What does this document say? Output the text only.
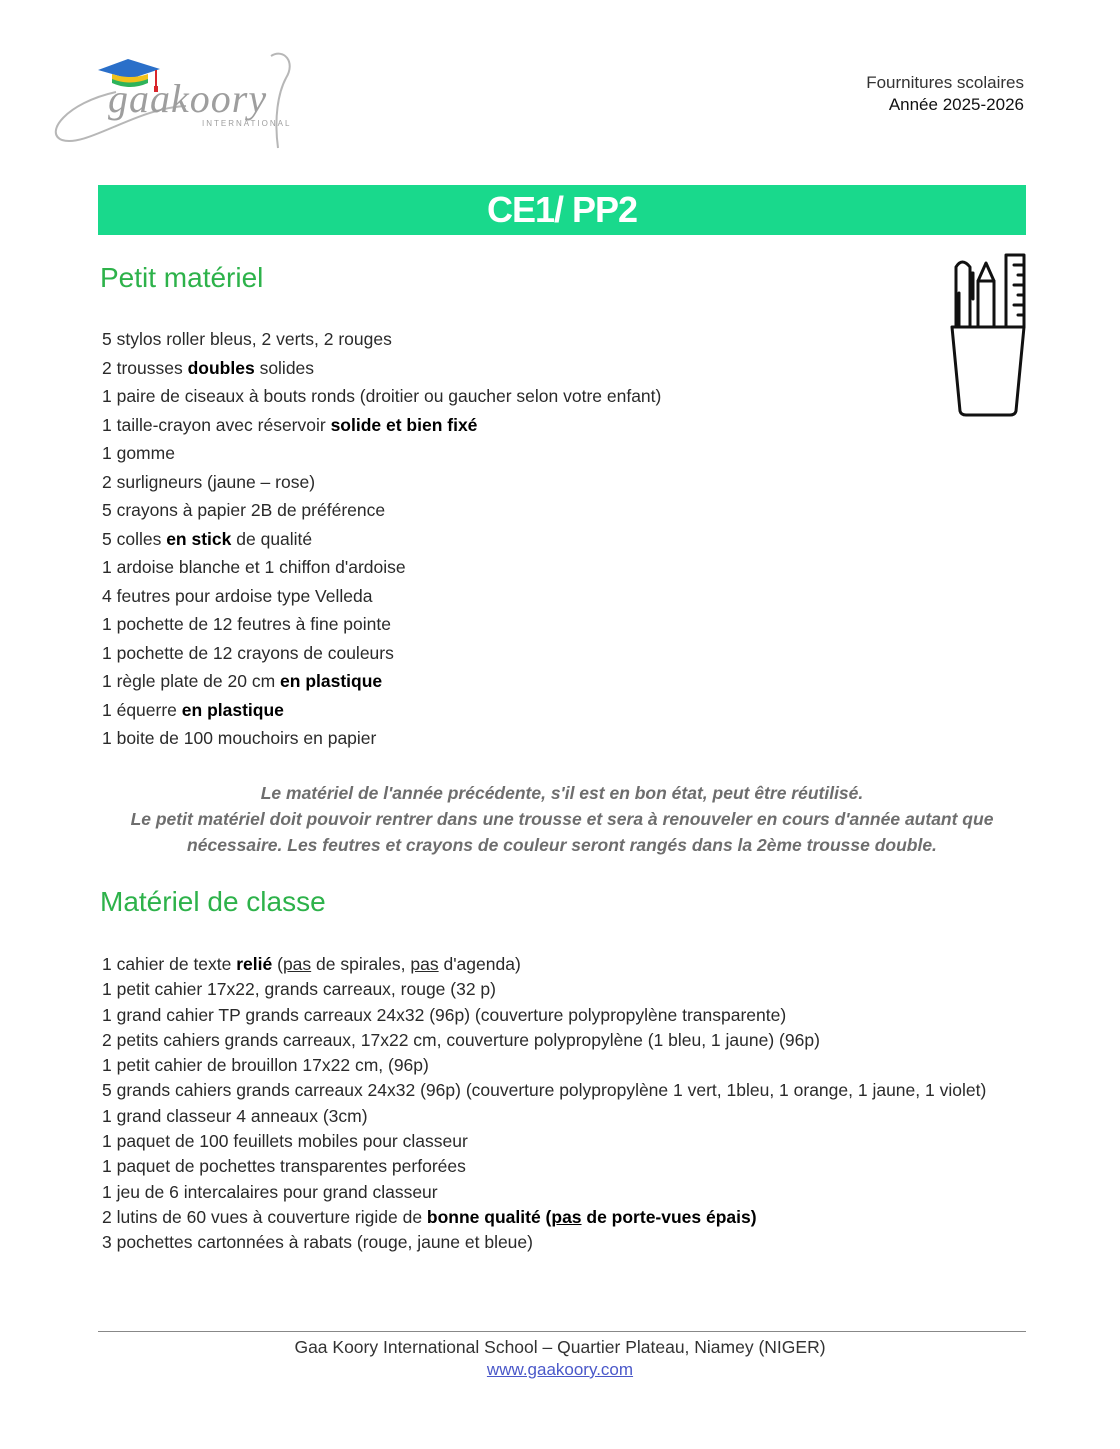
gaakoory
INTERNATIONAL
Fournitures scolaires
Année 2025-2026
CE1/ PP2
Petit matériel
5 stylos roller bleus, 2 verts, 2 rouges
2 trousses doubles solides
1 paire de ciseaux à bouts ronds (droitier ou gaucher selon votre enfant)
1 taille-crayon avec réservoir solide et bien fixé
1 gomme
2 surligneurs (jaune – rose)
5 crayons à papier 2B de préférence
5 colles en stick de qualité
1 ardoise blanche et 1 chiffon d'ardoise
4 feutres pour ardoise type Velleda
1 pochette de 12 feutres à fine pointe
1 pochette de 12 crayons de couleurs
1 règle plate de 20 cm en plastique
1 équerre en plastique
1 boite de 100 mouchoirs en papier
Le matériel de l'année précédente, s'il est en bon état, peut être réutilisé.
Le petit matériel doit pouvoir rentrer dans une trousse et sera à renouveler en cours d'année autant que
nécessaire. Les feutres et crayons de couleur seront rangés dans la 2ème trousse double.
Matériel de classe
1 cahier de texte relié (pas de spirales, pas d'agenda)
1 petit cahier 17x22, grands carreaux, rouge (32 p)
1 grand cahier TP grands carreaux 24x32 (96p) (couverture polypropylène transparente)
2 petits cahiers grands carreaux, 17x22 cm, couverture polypropylène (1 bleu, 1 jaune) (96p)
1 petit cahier de brouillon 17x22 cm, (96p)
5 grands cahiers grands carreaux 24x32 (96p) (couverture polypropylène 1 vert, 1bleu, 1 orange, 1 jaune, 1 violet)
1 grand classeur 4 anneaux (3cm)
1 paquet de 100 feuillets mobiles pour classeur
1 paquet de pochettes transparentes perforées
1 jeu de 6 intercalaires pour grand classeur
2 lutins de 60 vues à couverture rigide de bonne qualité (pas de porte-vues épais)
3 pochettes cartonnées à rabats (rouge, jaune et bleue)
Gaa Koory International School – Quartier Plateau, Niamey (NIGER)
www.gaakoory.com
